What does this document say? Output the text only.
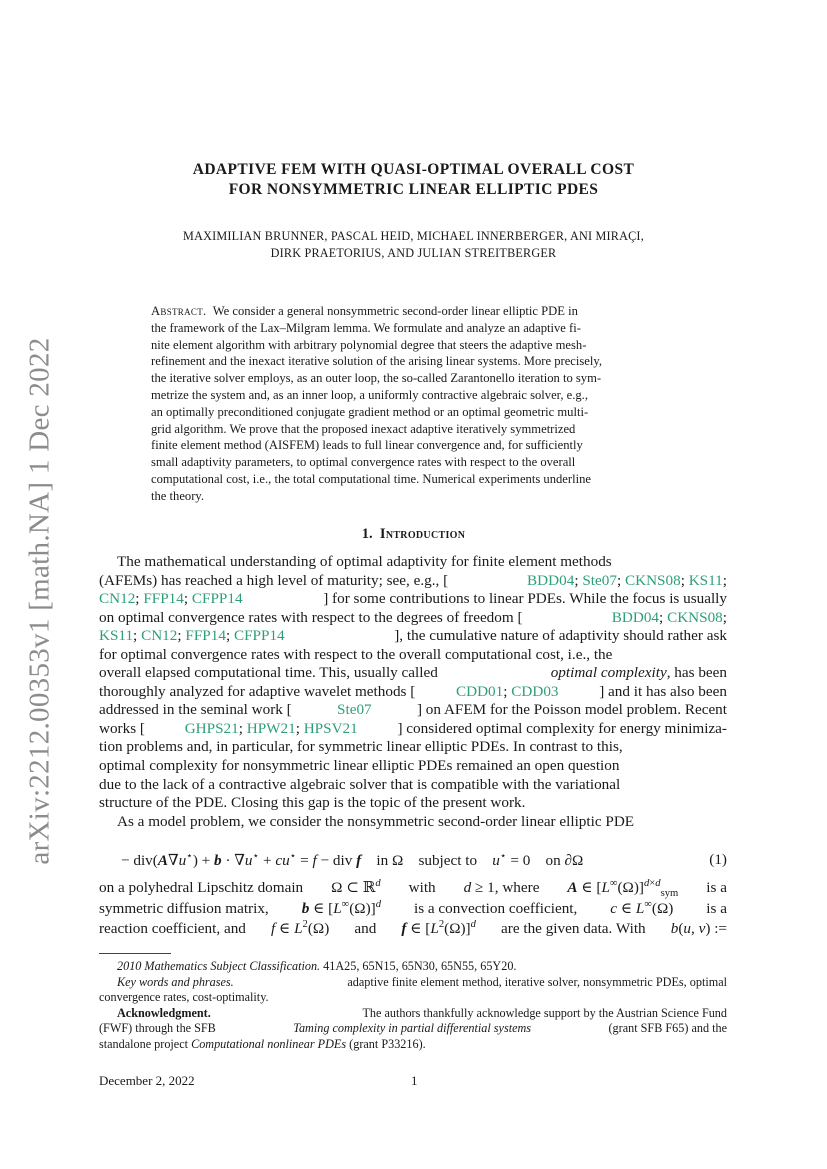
arXiv:2212.00353v1 [math.NA] 1 Dec 2022
ADAPTIVE FEM WITH QUASI-OPTIMAL OVERALL COST
FOR NONSYMMETRIC LINEAR ELLIPTIC PDES
MAXIMILIAN BRUNNER, PASCAL HEID, MICHAEL INNERBERGER, ANI MIRAÇI,
DIRK PRAETORIUS, AND JULIAN STREITBERGER
Abstract. We consider a general nonsymmetric second-order linear elliptic PDE in
the framework of the Lax–Milgram lemma. We formulate and analyze an adaptive fi-
nite element algorithm with arbitrary polynomial degree that steers the adaptive mesh-
refinement and the inexact iterative solution of the arising linear systems. More precisely,
the iterative solver employs, as an outer loop, the so-called Zarantonello iteration to sym-
metrize the system and, as an inner loop, a uniformly contractive algebraic solver, e.g.,
an optimally preconditioned conjugate gradient method or an optimal geometric multi-
grid algorithm. We prove that the proposed inexact adaptive iteratively symmetrized
finite element method (AISFEM) leads to full linear convergence and, for sufficiently
small adaptivity parameters, to optimal convergence rates with respect to the overall
computational cost, i.e., the total computational time. Numerical experiments underline
the theory.
1. Introduction
The mathematical understanding of optimal adaptivity for finite element methods
(AFEMs) has reached a high level of maturity; see, e.g., [	BDD04; Ste07; CKNS08; KS11;
CN12; FFP14; CFPP14	] for some contributions to linear PDEs. While the focus is usually
on optimal convergence rates with respect to the degrees of freedom [	BDD04; CKNS08;
KS11; CN12; FFP14; CFPP14	], the cumulative nature of adaptivity should rather ask
for optimal convergence rates with respect to the overall computational cost, i.e., the
overall elapsed computational time. This, usually called	optimal complexity, has been
thoroughly analyzed for adaptive wavelet methods [	CDD01; CDD03	] and it has also been
addressed in the seminal work [	Ste07	] on AFEM for the Poisson model problem. Recent
works [	GHPS21; HPW21; HPSV21	] considered optimal complexity for energy minimiza-
tion problems and, in particular, for symmetric linear elliptic PDEs. In contrast to this,
optimal complexity for nonsymmetric linear elliptic PDEs remained an open question
due to the lack of a contractive algebraic solver that is compatible with the variational
structure of the PDE. Closing this gap is the topic of the present work.
As a model problem, we consider the nonsymmetric second-order linear elliptic PDE
− div(A∇u⋆) + b · ∇u⋆ + cu⋆ = f − div f in Ω subject to u⋆ = 0    on ∂Ω	(1)
on a polyhedral Lipschitz domain Ω ⊂ ℝ$^d$ with d ≥ 1, where A ∈ $[L^\infty(\Omega)]^{d\times d}_{sym}$ is a
symmetric diffusion matrix, b ∈ $[L^\infty(\Omega)]^d$ is a convection coefficient, c ∈ L∞(Ω) is a
reaction coefficient, and f ∈ $L^2(\Omega)$ and f ∈ $[L^2(\Omega)]^d$ are the given data. With b(u, v) :=
2010 Mathematics Subject Classification. 41A25, 65N15, 65N30, 65N55, 65Y20.
Key words and phrases.	adaptive finite element method, iterative solver, nonsymmetric PDEs, optimal
convergence rates, cost-optimality.
Acknowledgment.	The authors thankfully acknowledge support by the Austrian Science Fund
(FWF) through the SFB	Taming complexity in partial differential systems	(grant SFB F65) and the
standalone project Computational nonlinear PDEs (grant P33216).
December 2, 2022	1
